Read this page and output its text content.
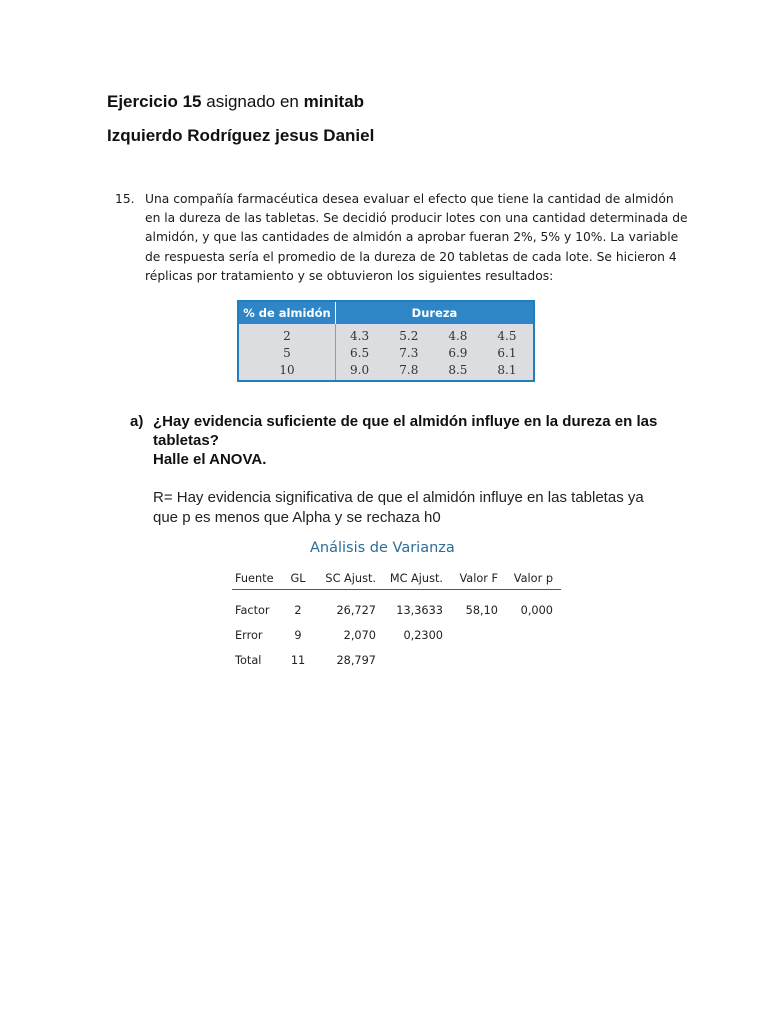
Ejercicio 15 asignado en minitab
Izquierdo Rodríguez jesus Daniel
15. Una compañía farmacéutica desea evaluar el efecto que tiene la cantidad de almidón
en la dureza de las tabletas. Se decidió producir lotes con una cantidad determinada de
almidón, y que las cantidades de almidón a aprobar fueran 2%, 5% y 10%. La variable
de respuesta sería el promedio de la dureza de 20 tabletas de cada lote. Se hicieron 4
réplicas por tratamiento y se obtuvieron los siguientes resultados:
% de almidón	Dureza			
2	4.3	5.2	4.8	4.5
5	6.5	7.3	6.9	6.1
10	9.0	7.8	8.5	8.1
a) ¿Hay evidencia suficiente de que el almidón influye en la dureza en las
tabletas?
Halle el ANOVA.
R= Hay evidencia significativa de que el almidón influye en las tabletas ya
que p es menos que Alpha y se rechaza h0
Análisis de Varianza
Fuente	GL	SC Ajust.	MC Ajust.	Valor F	Valor p
Factor	2	26,727	13,3633	58,10	0,000
Error	9	2,070	0,2300		
Total	11	28,797			
